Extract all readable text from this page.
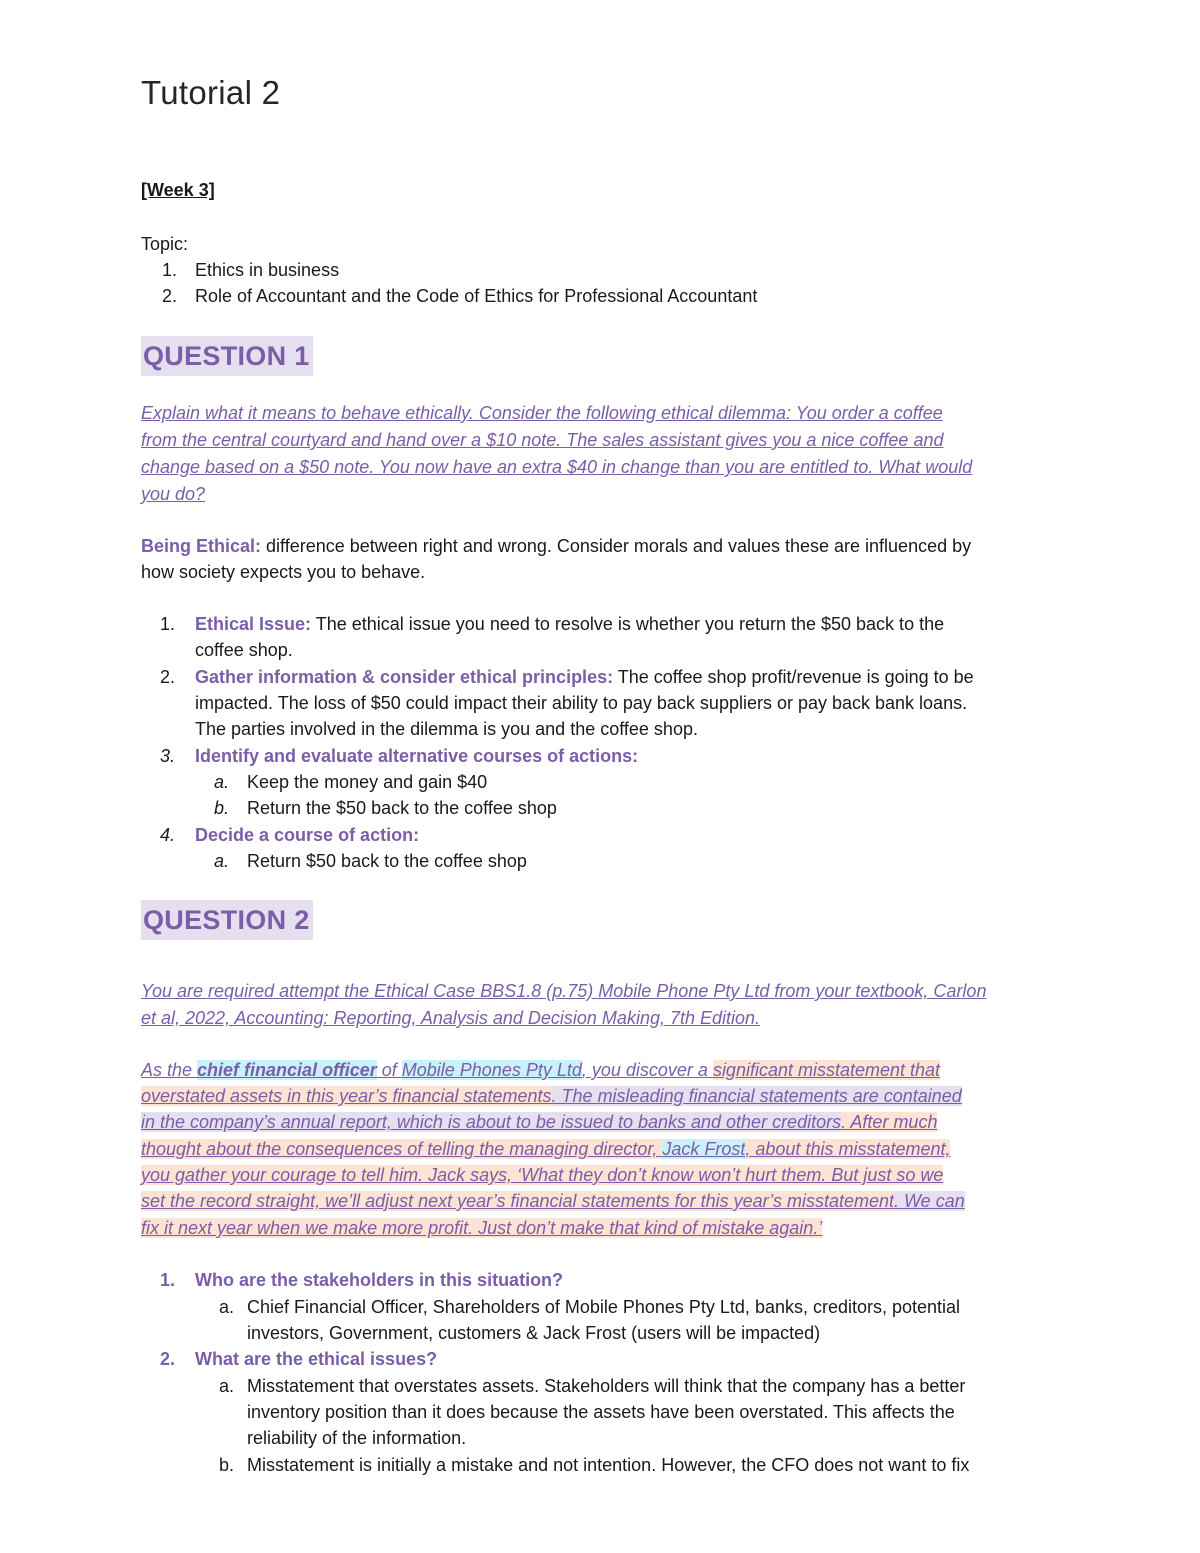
Tutorial 2
[Week 3]
Topic:
1. Ethics in business
2. Role of Accountant and the Code of Ethics for Professional Accountant
QUESTION 1
Explain what it means to behave ethically. Consider the following ethical dilemma: You order a coffee
from the central courtyard and hand over a $10 note. The sales assistant gives you a nice coffee and
change based on a $50 note. You now have an extra $40 in change than you are entitled to. What would
you do?
Being Ethical: difference between right and wrong. Consider morals and values these are influenced by
how society expects you to behave.
1. Ethical Issue: The ethical issue you need to resolve is whether you return the $50 back to the
coffee shop.
2. Gather information & consider ethical principles: The coffee shop profit/revenue is going to be
impacted. The loss of $50 could impact their ability to pay back suppliers or pay back bank loans.
The parties involved in the dilemma is you and the coffee shop.
3. Identify and evaluate alternative courses of actions:
a. Keep the money and gain $40
b. Return the $50 back to the coffee shop
4. Decide a course of action:
a. Return $50 back to the coffee shop
QUESTION 2
You are required attempt the Ethical Case BBS1.8 (p.75) Mobile Phone Pty Ltd from your textbook, Carlon
et al, 2022, Accounting: Reporting, Analysis and Decision Making, 7th Edition.
As the chief financial officer of Mobile Phones Pty Ltd, you discover a significant misstatement that
overstated assets in this year’s financial statements. The misleading financial statements are contained
in the company’s annual report, which is about to be issued to banks and other creditors. After much
thought about the consequences of telling the managing director, Jack Frost, about this misstatement,
you gather your courage to tell him. Jack says, ‘What they don’t know won’t hurt them. But just so we
set the record straight, we’ll adjust next year’s financial statements for this year’s misstatement. We can
fix it next year when we make more profit. Just don’t make that kind of mistake again.’
1. Who are the stakeholders in this situation?
a. Chief Financial Officer, Shareholders of Mobile Phones Pty Ltd, banks, creditors, potential
investors, Government, customers & Jack Frost (users will be impacted)
2. What are the ethical issues?
a. Misstatement that overstates assets. Stakeholders will think that the company has a better
inventory position than it does because the assets have been overstated. This affects the
reliability of the information.
b. Misstatement is initially a mistake and not intention. However, the CFO does not want to fix
